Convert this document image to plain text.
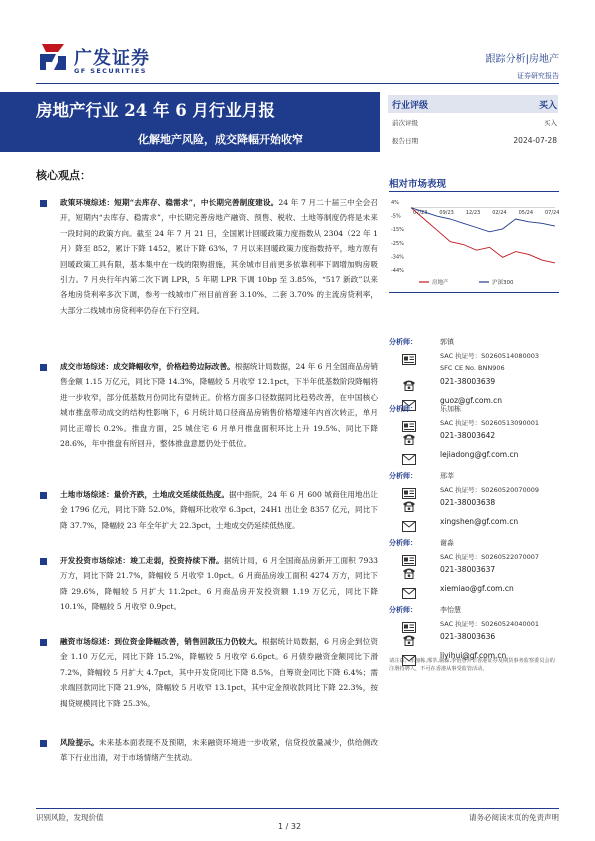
广发证券
GF SECURITIES
跟踪分析|房地产
证券研究报告
房地产行业 24 年 6 月行业月报
化解地产风险，成交降幅开始收窄
行业评级	买入
前次评级	买入
报告日期	2024-07-28
核心观点：
政策环境综述：短期“去库存、稳需求”，中长期完善制度建设。24 年 7 月二十届三中全会召开，短期内“去库存、稳需求”，中长期完善房地产融资、预售、税收、土地等制度仍将是未来一段时间的政策方向。截至 24 年 7 月 21 日，全国累计回暖政策力度指数从 2304（22 年 1 月）降至 852，累计下降 1452，累计下降 63%，7 月以来回暖政策力度指数持平，地方原有回暖政策工具有限，基本集中在一线的限购措施，其余城市目前更多依靠利率下调增加购房吸引力。7 月央行年内第二次下调 LPR，5 年期 LPR 下调 10bp 至 3.85%，“517 新政”以来各地房贷利率多次下调，参考一线城市广州目前首套 3.10%、二套 3.70% 的主流房贷利率，大部分二线城市房贷利率仍存在下行空间。
成交市场综述：成交降幅收窄，价格趋势边际改善。根据统计局数据，24 年 6 月全国商品房销售金额 1.15 万亿元，同比下降 14.3%，降幅较 5 月收窄 12.1pct，下半年低基数阶段降幅将进一步收窄，部分低基数月份同比有望转正。价格方面多口径数据同比趋势改善，在中国核心城市推盘带动成交的结构性影响下，6 月统计局口径商品房销售价格增速年内首次转正，单月同比正增长 0.2%。推盘方面，25 城住宅 6 月单月推盘面积环比上升 19.5%、同比下降 28.6%，年中推盘有所回升，整体推盘意愿仍处于低位。
土地市场综述：量价齐跌，土地成交延续低热度。据中指院，24 年 6 月 600 城商住用地出让金 1796 亿元，同比下降 52.0%，降幅环比收窄 6.3pct，24H1 出让金 8357 亿元，同比下降 37.7%，降幅较 23 年全年扩大 22.3pct，土地成交仍延续低热度。
开发投资市场综述：竣工走弱，投资持续下滑。据统计局，6 月全国商品房新开工面积 7933 万方，同比下降 21.7%，降幅较 5 月收窄 1.0pct。6 月商品房竣工面积 4274 万方，同比下降 29.6%，降幅较 5 月扩大 11.2pct。6 月商品房开发投资额 1.19 万亿元，同比下降 10.1%，降幅较 5 月收窄 0.9pct。
融资市场综述：到位资金降幅改善，销售回款压力仍较大。根据统计局数据，6 月房企到位资金 1.10 万亿元，同比下降 15.2%，降幅较 5 月收窄 6.6pct。6 月债券融资金额同比下滑 7.2%，降幅较 5 月扩大 4.7pct，其中开发贷同比下降 8.5%，自筹资金同比下降 6.4%；需求端回款同比下降 21.9%，降幅较 5 月收窄 13.1pct，其中定金预收款同比下降 22.3%，按揭贷规模同比下降 25.3%。
风险提示。未来基本面表现不及预期，未来融资环境进一步收紧，信贷投放量减少，供给侧改革下行业出清，对于市场情绪产生扰动。
相对市场表现
4%
-5%
-15%
-25%
-34%
-44%
07/23 09/23 12/23 02/24 05/24 07/24
房地产	沪深300
分析师：	郭镇
SAC 执证号：S0260514080003
SFC CE No. BNN906
021-38003639
guoz@gf.com.cn
分析师：	乐加栋
SAC 执证号：S0260513090001
021-38003642
lejiadong@gf.com.cn
分析师：	邢莘
SAC 执证号：S0260520070009
021-38003638
xingshen@gf.com.cn
分析师：	谢淼
SAC 执证号：S0260522070007
021-38003637
xiemiao@gf.com.cn
分析师：	李怡慧
SAC 执证号：S0260524040001
021-38003636
liyihui@gf.com.cn
请注意，乐加栋,邢莘,谢淼,李怡慧并非香港证券及期货事务监察委员会的注册持牌人，不可在香港从事受监管活动。
识别风险，发现价值	请务必阅读末页的免责声明
1 / 32
